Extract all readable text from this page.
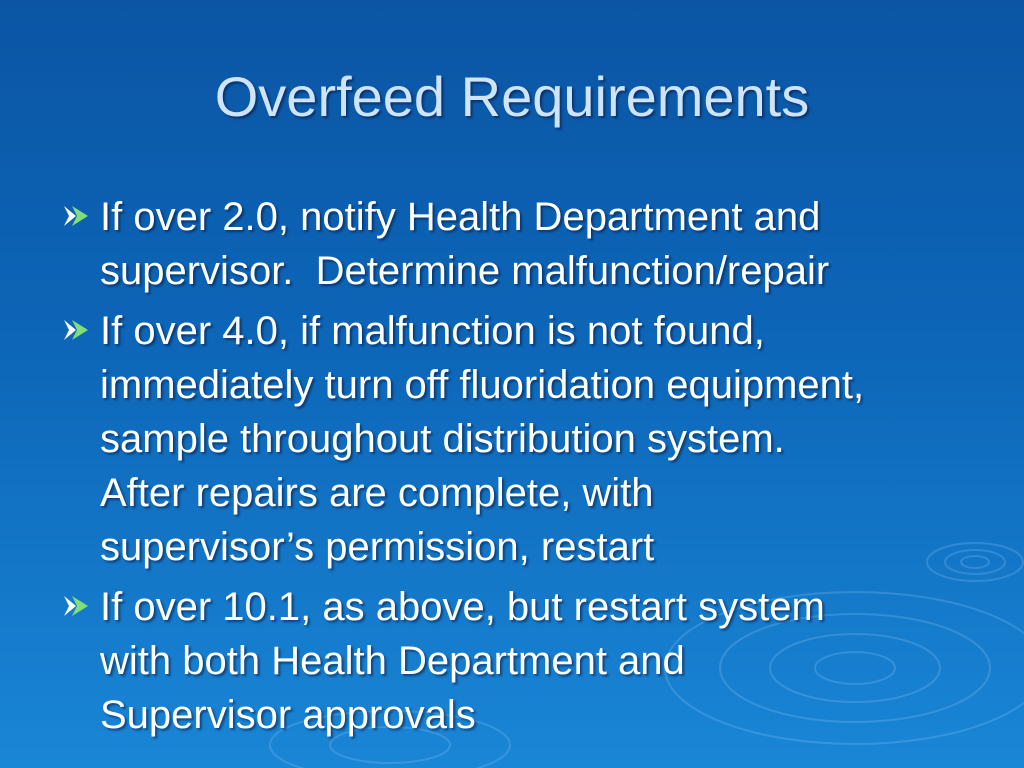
Overfeed Requirements
If over 2.0, notify Health Department and
supervisor.  Determine malfunction/repair
If over 4.0, if malfunction is not found,
immediately turn off fluoridation equipment,
sample throughout distribution system.
After repairs are complete, with
supervisor’s permission, restart
If over 10.1, as above, but restart system
with both Health Department and
Supervisor approvals
